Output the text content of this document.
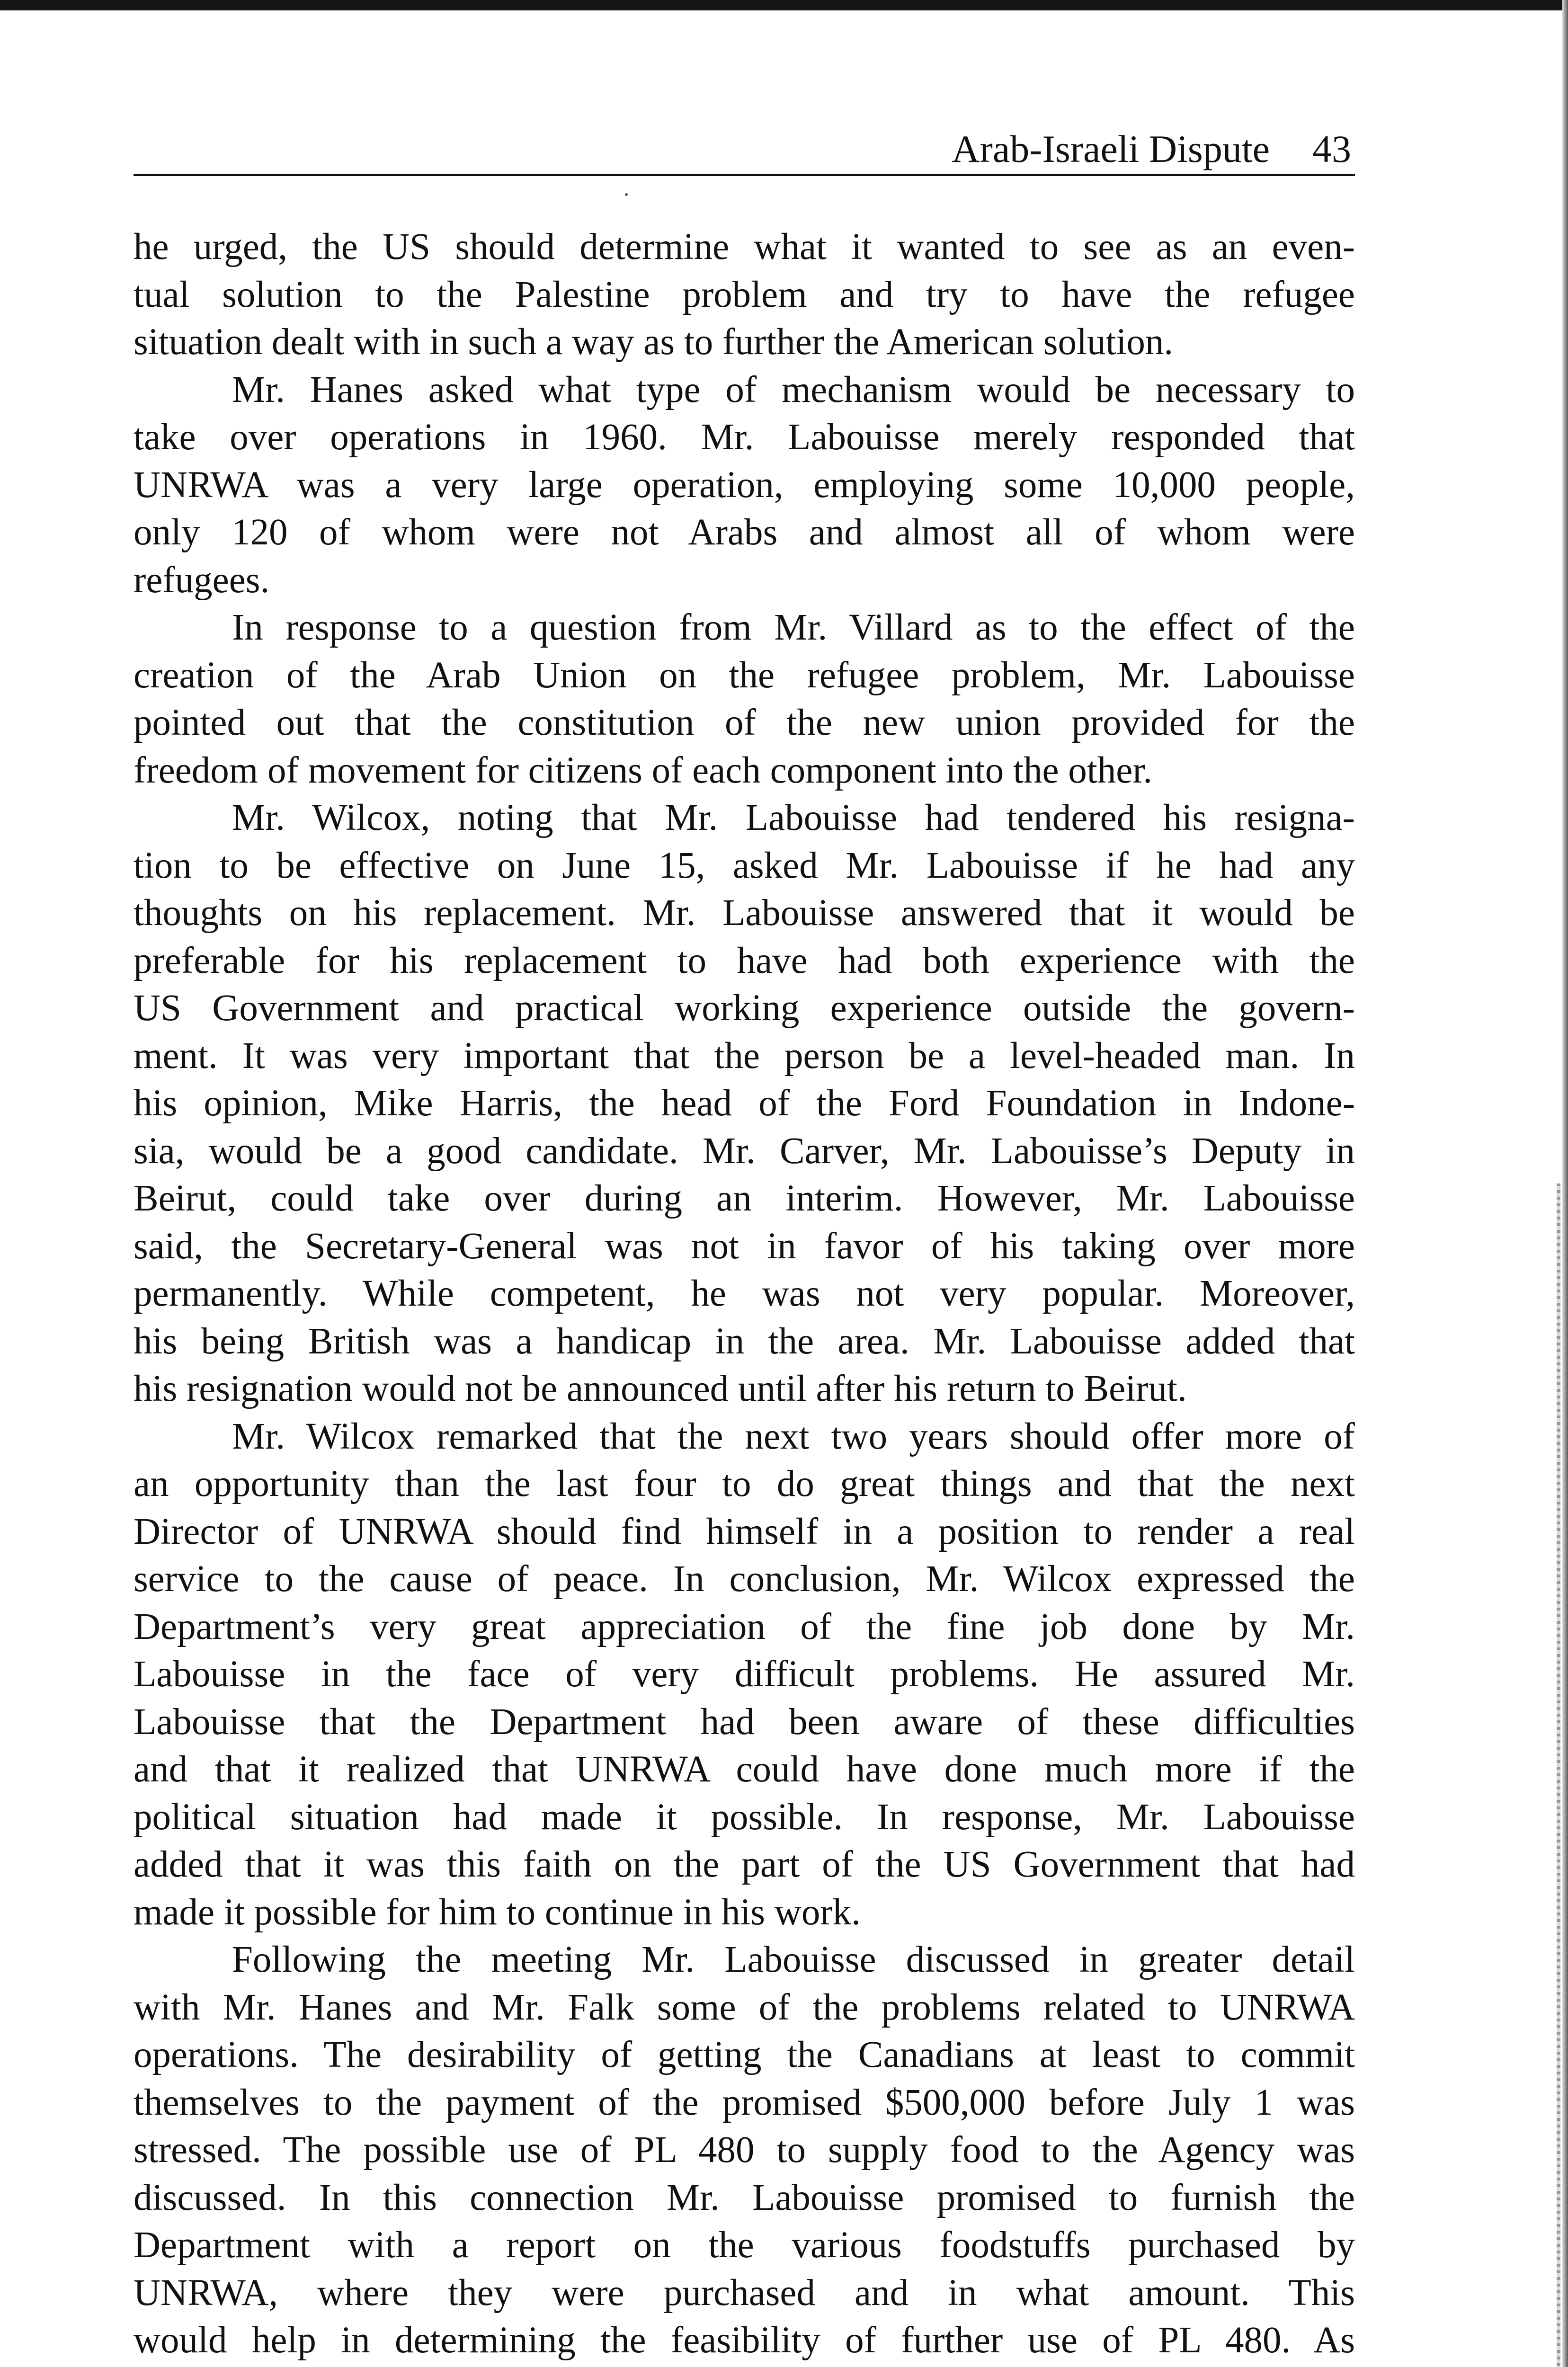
Arab-Israeli Dispute 43
he urged, the US should determine what it wanted to see as an even-
tual solution to the Palestine problem and try to have the refugee
situation dealt with in such a way as to further the American solution.
Mr. Hanes asked what type of mechanism would be necessary to
take over operations in 1960. Mr. Labouisse merely responded that
UNRWA was a very large operation, employing some 10,000 people,
only 120 of whom were not Arabs and almost all of whom were
refugees.
In response to a question from Mr. Villard as to the effect of the
creation of the Arab Union on the refugee problem, Mr. Labouisse
pointed out that the constitution of the new union provided for the
freedom of movement for citizens of each component into the other.
Mr. Wilcox, noting that Mr. Labouisse had tendered his resigna-
tion to be effective on June 15, asked Mr. Labouisse if he had any
thoughts on his replacement. Mr. Labouisse answered that it would be
preferable for his replacement to have had both experience with the
US Government and practical working experience outside the govern-
ment. It was very important that the person be a level-headed man. In
his opinion, Mike Harris, the head of the Ford Foundation in Indone-
sia, would be a good candidate. Mr. Carver, Mr. Labouisse’s Deputy in
Beirut, could take over during an interim. However, Mr. Labouisse
said, the Secretary-General was not in favor of his taking over more
permanently. While competent, he was not very popular. Moreover,
his being British was a handicap in the area. Mr. Labouisse added that
his resignation would not be announced until after his return to Beirut.
Mr. Wilcox remarked that the next two years should offer more of
an opportunity than the last four to do great things and that the next
Director of UNRWA should find himself in a position to render a real
service to the cause of peace. In conclusion, Mr. Wilcox expressed the
Department’s very great appreciation of the fine job done by Mr.
Labouisse in the face of very difficult problems. He assured Mr.
Labouisse that the Department had been aware of these difficulties
and that it realized that UNRWA could have done much more if the
political situation had made it possible. In response, Mr. Labouisse
added that it was this faith on the part of the US Government that had
made it possible for him to continue in his work.
Following the meeting Mr. Labouisse discussed in greater detail
with Mr. Hanes and Mr. Falk some of the problems related to UNRWA
operations. The desirability of getting the Canadians at least to commit
themselves to the payment of the promised $500,000 before July 1 was
stressed. The possible use of PL 480 to supply food to the Agency was
discussed. In this connection Mr. Labouisse promised to furnish the
Department with a report on the various foodstuffs purchased by
UNRWA, where they were purchased and in what amount. This
would help in determining the feasibility of further use of PL 480. As
